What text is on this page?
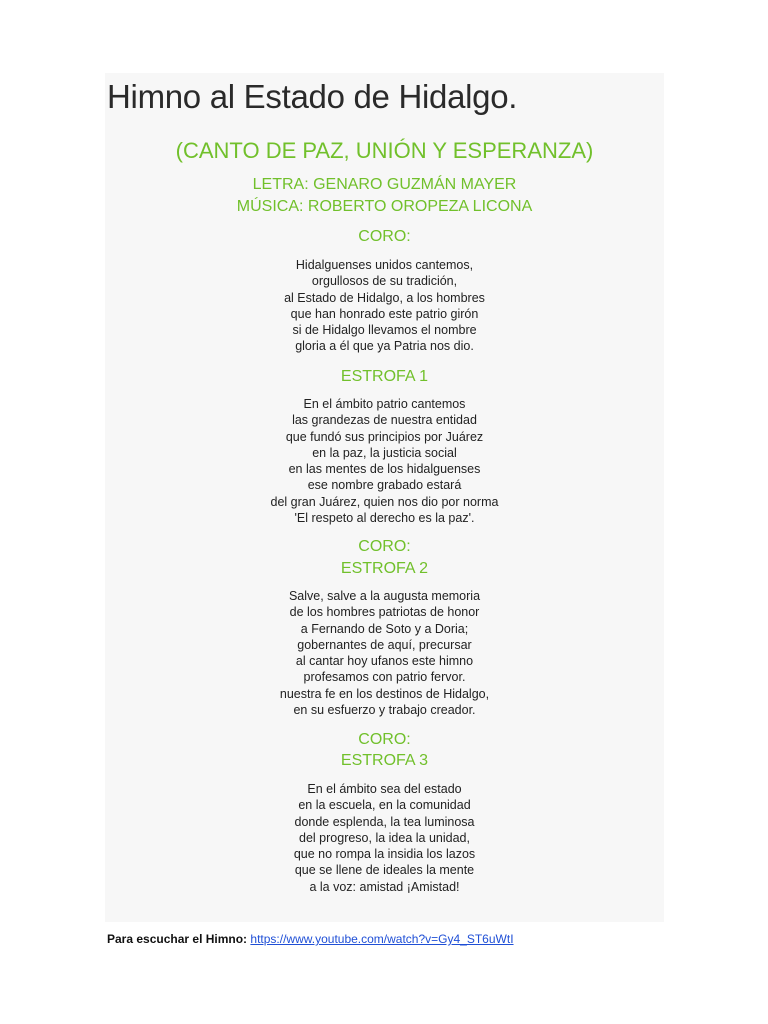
Himno al Estado de Hidalgo.
(CANTO DE PAZ, UNIÓN Y ESPERANZA)
LETRA: GENARO GUZMÁN MAYER
MÚSICA: ROBERTO OROPEZA LICONA
CORO:
Hidalguenses unidos cantemos,
orgullosos de su tradición,
al Estado de Hidalgo, a los hombres
que han honrado este patrio girón
si de Hidalgo llevamos el nombre
gloria a él que ya Patria nos dio.
ESTROFA 1
En el ámbito patrio cantemos
las grandezas de nuestra entidad
que fundó sus principios por Juárez
en la paz, la justicia social
en las mentes de los hidalguenses
ese nombre grabado estará
del gran Juárez, quien nos dio por norma
'El respeto al derecho es la paz'.
CORO:
ESTROFA 2
Salve, salve a la augusta memoria
de los hombres patriotas de honor
a Fernando de Soto y a Doria;
gobernantes de aquí, precursar
al cantar hoy ufanos este himno
profesamos con patrio fervor.
nuestra fe en los destinos de Hidalgo,
en su esfuerzo y trabajo creador.
CORO:
ESTROFA 3
En el ámbito sea del estado
en la escuela, en la comunidad
donde esplenda, la tea luminosa
del progreso, la idea la unidad,
que no rompa la insidia los lazos
que se llene de ideales la mente
a la voz: amistad ¡Amistad!
Para escuchar el Himno: https://www.youtube.com/watch?v=Gy4_ST6uWtI
